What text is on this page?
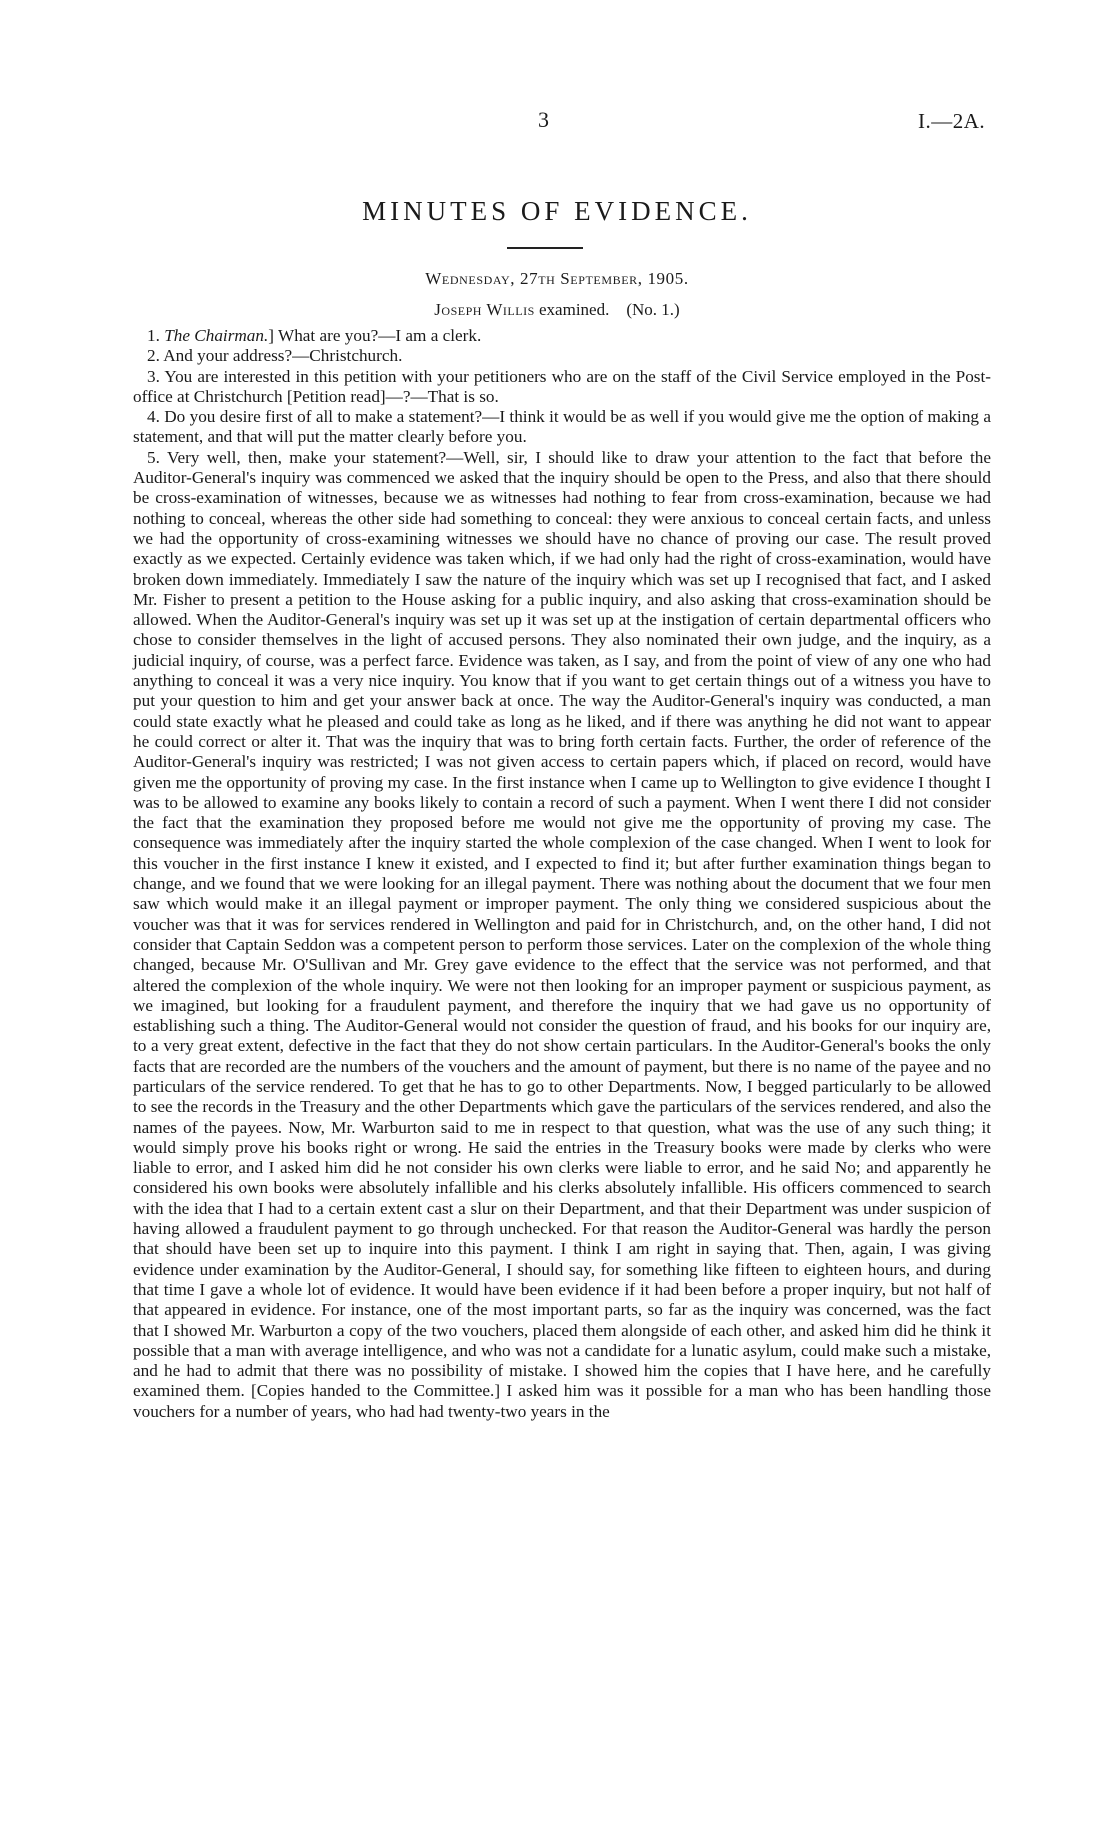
3	I.—2A.
MINUTES OF EVIDENCE.
Wednesday, 27th September, 1905.
Joseph Willis examined. (No. 1.)

1. The Chairman.] What are you?—I am a clerk.

2. And your address?—Christchurch.

3. You are interested in this petition with your petitioners who are on the staff of the Civil Service employed in the Post-office at Christchurch [Petition read]—?—That is so.

4. Do you desire first of all to make a statement?—I think it would be as well if you would give me the option of making a statement, and that will put the matter clearly before you.

5. Very well, then, make your statement?—Well, sir, I should like to draw your attention to the fact that before the Auditor-General's inquiry was commenced we asked that the inquiry should be open to the Press, and also that there should be cross-examination of witnesses, because we as witnesses had nothing to fear from cross-examination, because we had nothing to conceal, whereas the other side had something to conceal: they were anxious to conceal certain facts, and unless we had the opportunity of cross-examining witnesses we should have no chance of proving our case. The result proved exactly as we expected. Certainly evidence was taken which, if we had only had the right of cross-examination, would have broken down immediately. Immediately I saw the nature of the inquiry which was set up I recognised that fact, and I asked Mr. Fisher to present a petition to the House asking for a public inquiry, and also asking that cross-examination should be allowed. When the Auditor-General's inquiry was set up it was set up at the instigation of certain departmental officers who chose to consider themselves in the light of accused persons. They also nominated their own judge, and the inquiry, as a judicial inquiry, of course, was a perfect farce. Evidence was taken, as I say, and from the point of view of any one who had anything to conceal it was a very nice inquiry. You know that if you want to get certain things out of a witness you have to put your question to him and get your answer back at once. The way the Auditor-General's inquiry was conducted, a man could state exactly what he pleased and could take as long as he liked, and if there was anything he did not want to appear he could correct or alter it. That was the inquiry that was to bring forth certain facts. Further, the order of reference of the Auditor-General's inquiry was restricted; I was not given access to certain papers which, if placed on record, would have given me the opportunity of proving my case. In the first instance when I came up to Wellington to give evidence I thought I was to be allowed to examine any books likely to contain a record of such a payment. When I went there I did not consider the fact that the examination they proposed before me would not give me the opportunity of proving my case. The consequence was immediately after the inquiry started the whole complexion of the case changed. When I went to look for this voucher in the first instance I knew it existed, and I expected to find it; but after further examination things began to change, and we found that we were looking for an illegal payment. There was nothing about the document that we four men saw which would make it an illegal payment or improper payment. The only thing we considered suspicious about the voucher was that it was for services rendered in Wellington and paid for in Christchurch, and, on the other hand, I did not consider that Captain Seddon was a competent person to perform those services. Later on the complexion of the whole thing changed, because Mr. O'Sullivan and Mr. Grey gave evidence to the effect that the service was not performed, and that altered the complexion of the whole inquiry. We were not then looking for an improper payment or suspicious payment, as we imagined, but looking for a fraudulent payment, and therefore the inquiry that we had gave us no opportunity of establishing such a thing. The Auditor-General would not consider the question of fraud, and his books for our inquiry are, to a very great extent, defective in the fact that they do not show certain particulars. In the Auditor-General's books the only facts that are recorded are the numbers of the vouchers and the amount of payment, but there is no name of the payee and no particulars of the service rendered. To get that he has to go to other Departments. Now, I begged particularly to be allowed to see the records in the Treasury and the other Departments which gave the particulars of the services rendered, and also the names of the payees. Now, Mr. Warburton said to me in respect to that question, what was the use of any such thing; it would simply prove his books right or wrong. He said the entries in the Treasury books were made by clerks who were liable to error, and I asked him did he not consider his own clerks were liable to error, and he said No; and apparently he considered his own books were absolutely infallible and his clerks absolutely infallible. His officers commenced to search with the idea that I had to a certain extent cast a slur on their Department, and that their Department was under suspicion of having allowed a fraudulent payment to go through unchecked. For that reason the Auditor-General was hardly the person that should have been set up to inquire into this payment. I think I am right in saying that. Then, again, I was giving evidence under examination by the Auditor-General, I should say, for something like fifteen to eighteen hours, and during that time I gave a whole lot of evidence. It would have been evidence if it had been before a proper inquiry, but not half of that appeared in evidence. For instance, one of the most important parts, so far as the inquiry was concerned, was the fact that I showed Mr. Warburton a copy of the two vouchers, placed them alongside of each other, and asked him did he think it possible that a man with average intelligence, and who was not a candidate for a lunatic asylum, could make such a mistake, and he had to admit that there was no possibility of mistake. I showed him the copies that I have here, and he carefully examined them. [Copies handed to the Committee.] I asked him was it possible for a man who has been handling those vouchers for a number of years, who had had twenty-two years in the
